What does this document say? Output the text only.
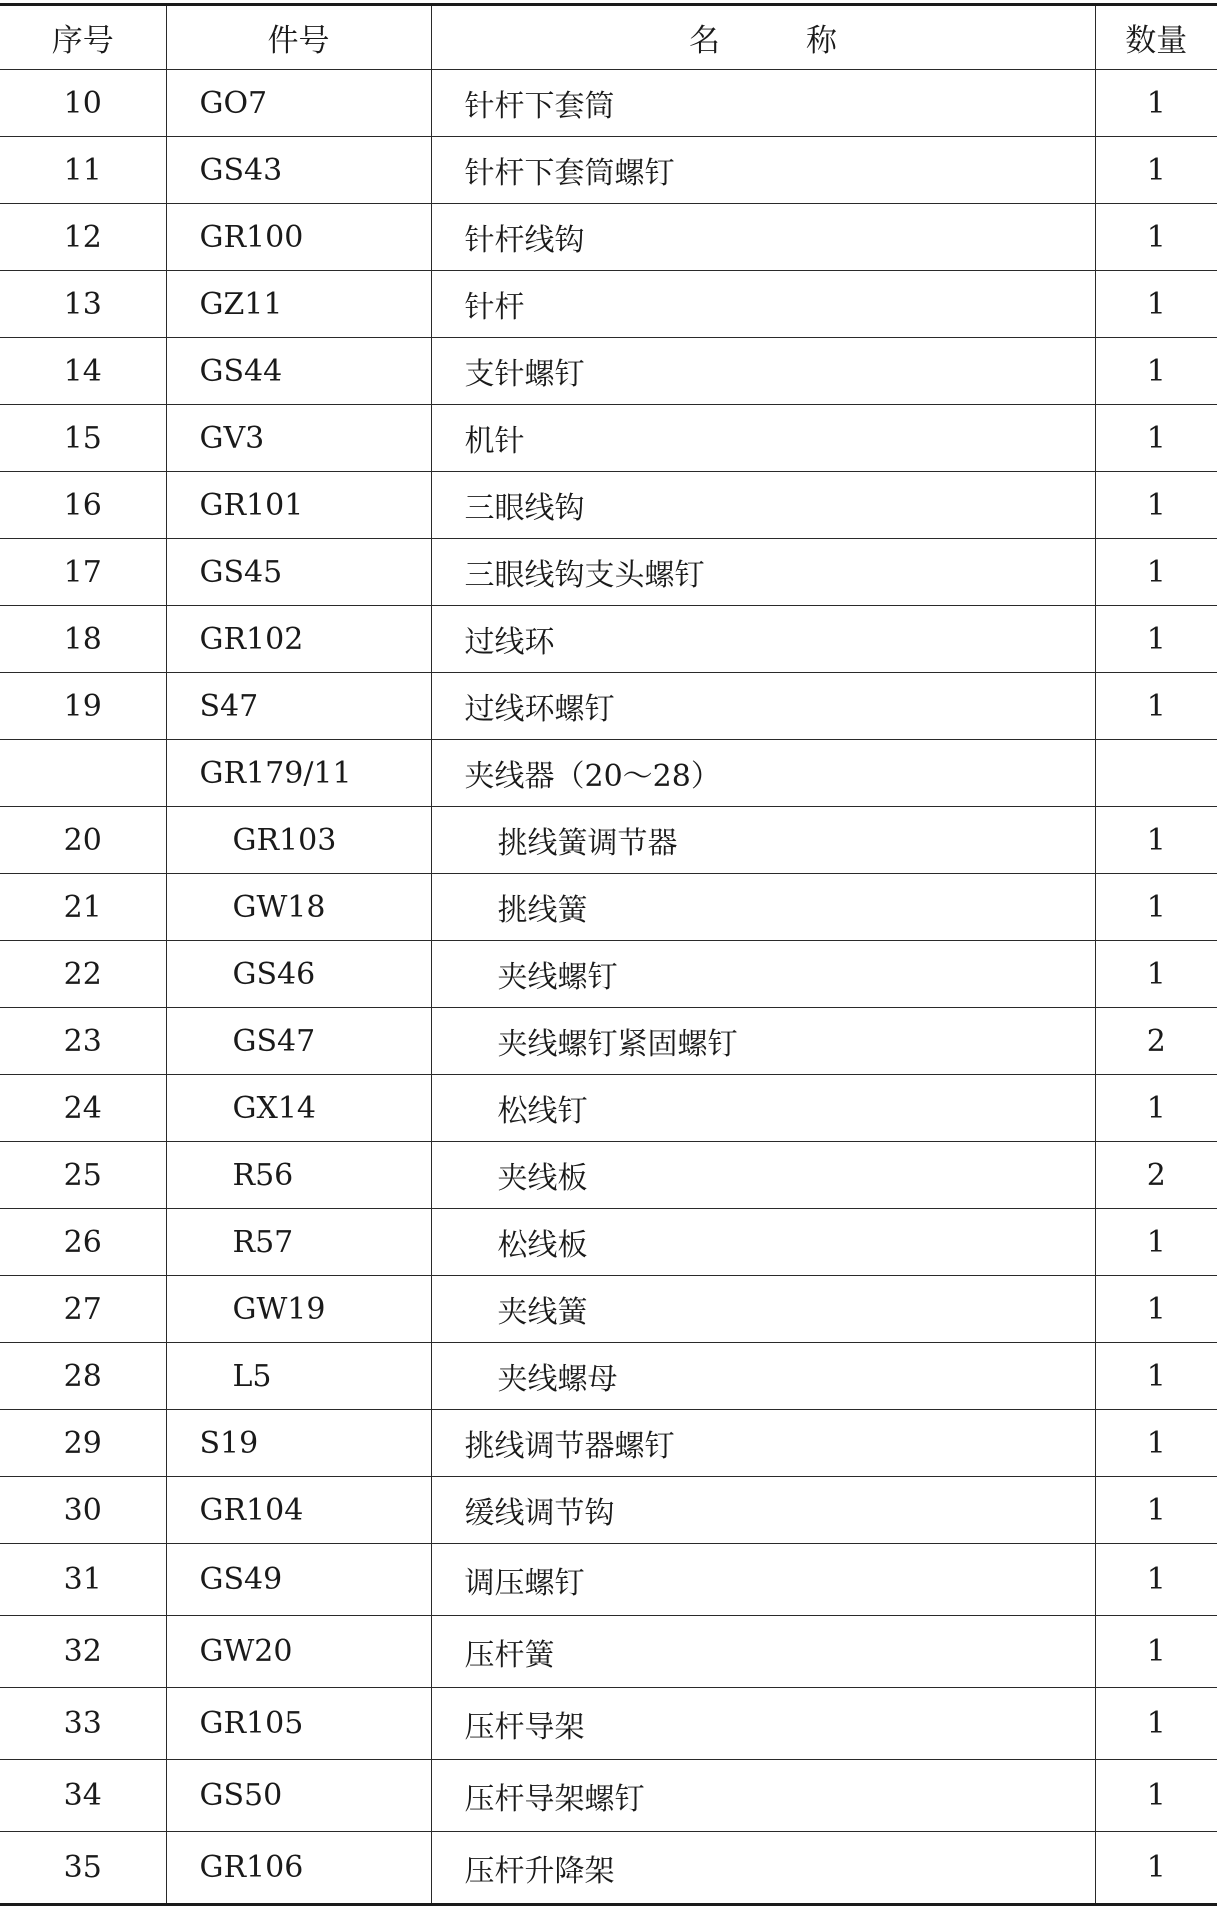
序号	件号	名 称	数量
10	GO7	针杆下套筒	1
11	GS43	针杆下套筒螺钉	1
12	GR100	针杆线钩	1
13	GZ11	针杆	1
14	GS44	支针螺钉	1
15	GV3	机针	1
16	GR101	三眼线钩	1
17	GS45	三眼线钩支头螺钉	1
18	GR102	过线环	1
19	S47	过线环螺钉	1
	GR179/11	夹线器（20～28）	
20	GR103	挑线簧调节器	1
21	GW18	挑线簧	1
22	GS46	夹线螺钉	1
23	GS47	夹线螺钉紧固螺钉	2
24	GX14	松线钉	1
25	R56	夹线板	2
26	R57	松线板	1
27	GW19	夹线簧	1
28	L5	夹线螺母	1
29	S19	挑线调节器螺钉	1
30	GR104	缓线调节钩	1
31	GS49	调压螺钉	1
32	GW20	压杆簧	1
33	GR105	压杆导架	1
34	GS50	压杆导架螺钉	1
35	GR106	压杆升降架	1
